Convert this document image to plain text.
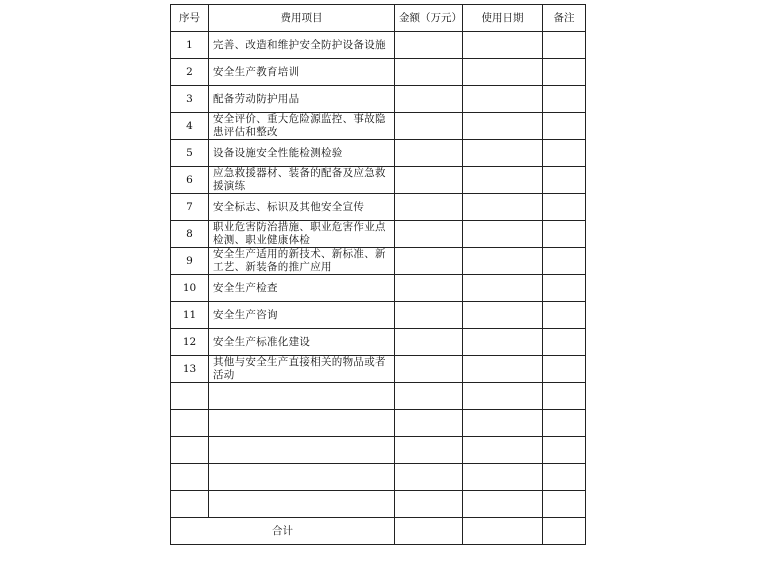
序号	费用项目	金额（万元）	使用日期	备注
1	完善、改造和维护安全防护设备设施			
2	安全生产教育培训			
3	配备劳动防护用品			
4	安全评价、重大危险源监控、事故隐患评估和整改			
5	设备设施安全性能检测检验			
6	应急救援器材、装备的配备及应急救援演练			
7	安全标志、标识及其他安全宣传			
8	职业危害防治措施、职业危害作业点检测、职业健康体检			
9	安全生产适用的新技术、新标准、新工艺、新装备的推广应用			
10	安全生产检查			
11	安全生产咨询			
12	安全生产标准化建设			
13	其他与安全生产直接相关的物品或者活动			

合计				
